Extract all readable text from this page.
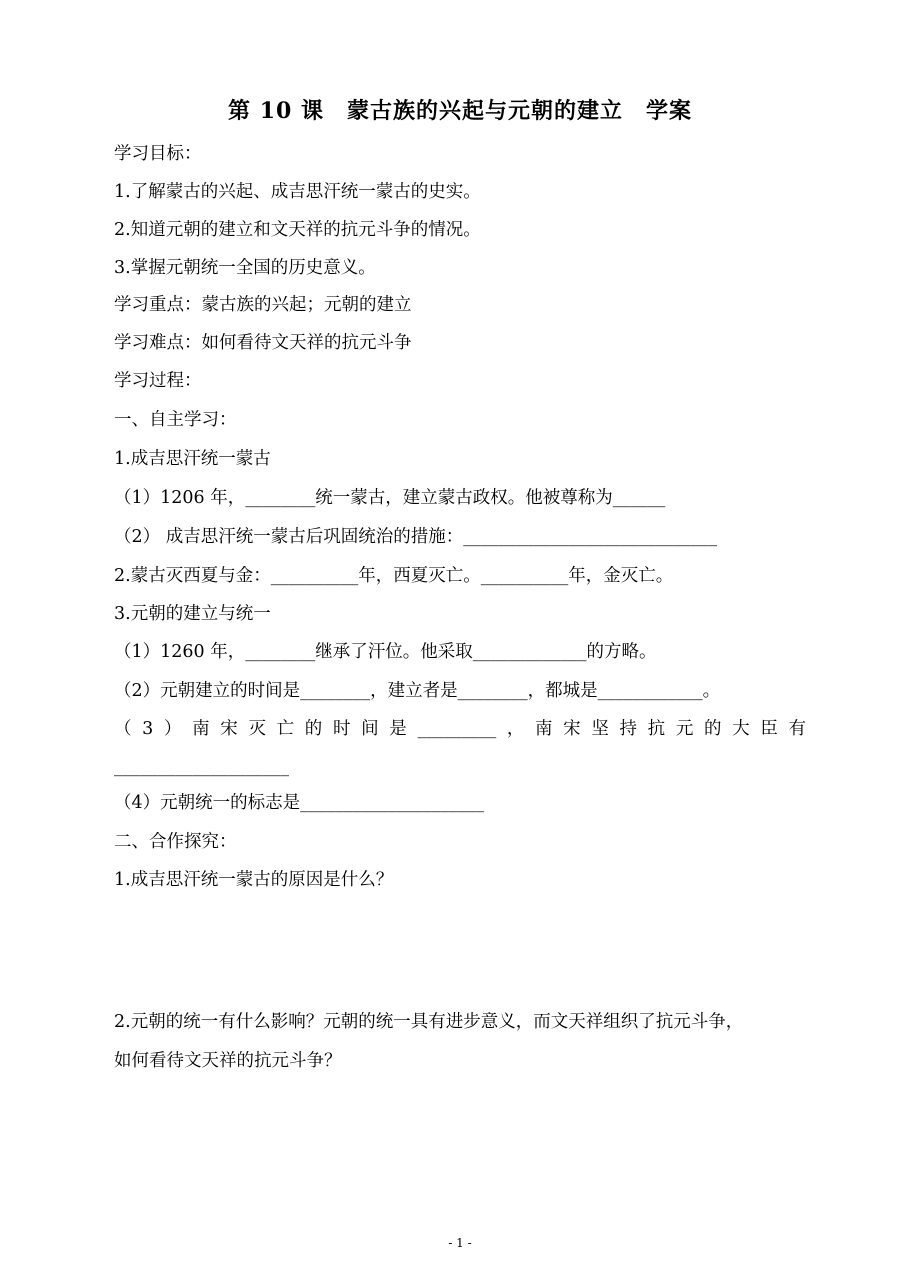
第 10 课　蒙古族的兴起与元朝的建立　学案
学习目标：
1.了解蒙古的兴起、成吉思汗统一蒙古的史实。
2.知道元朝的建立和文天祥的抗元斗争的情况。
3.掌握元朝统一全国的历史意义。
学习重点：蒙古族的兴起；元朝的建立
学习难点：如何看待文天祥的抗元斗争
学习过程：
一、自主学习：
1.成吉思汗统一蒙古
（1）1206 年，________统一蒙古，建立蒙古政权。他被尊称为______
（2） 成吉思汗统一蒙古后巩固统治的措施：_____________________________
2.蒙古灭西夏与金：__________年，西夏灭亡。__________年，金灭亡。
3.元朝的建立与统一
（1）1260 年，________继承了汗位。他采取_____________的方略。
（2）元朝建立的时间是________，建立者是________，都城是____________。
（3）南宋灭亡的时间是_________，南宋坚持抗元的大臣有
____________________
（4）元朝统一的标志是_____________________
二、合作探究：
1.成吉思汗统一蒙古的原因是什么？
2.元朝的统一有什么影响？元朝的统一具有进步意义，而文天祥组织了抗元斗争，
如何看待文天祥的抗元斗争？
- 1 -
